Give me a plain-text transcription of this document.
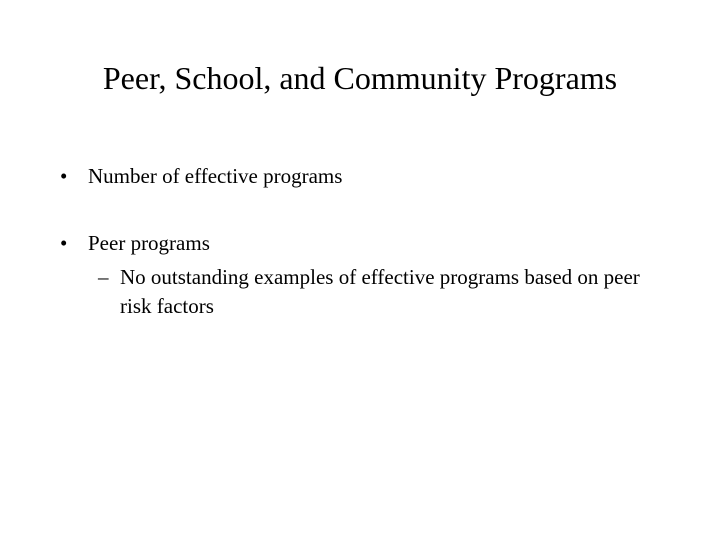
Peer, School, and Community Programs
• Number of effective programs
• Peer programs
– No outstanding examples of effective programs based on peer risk factors
